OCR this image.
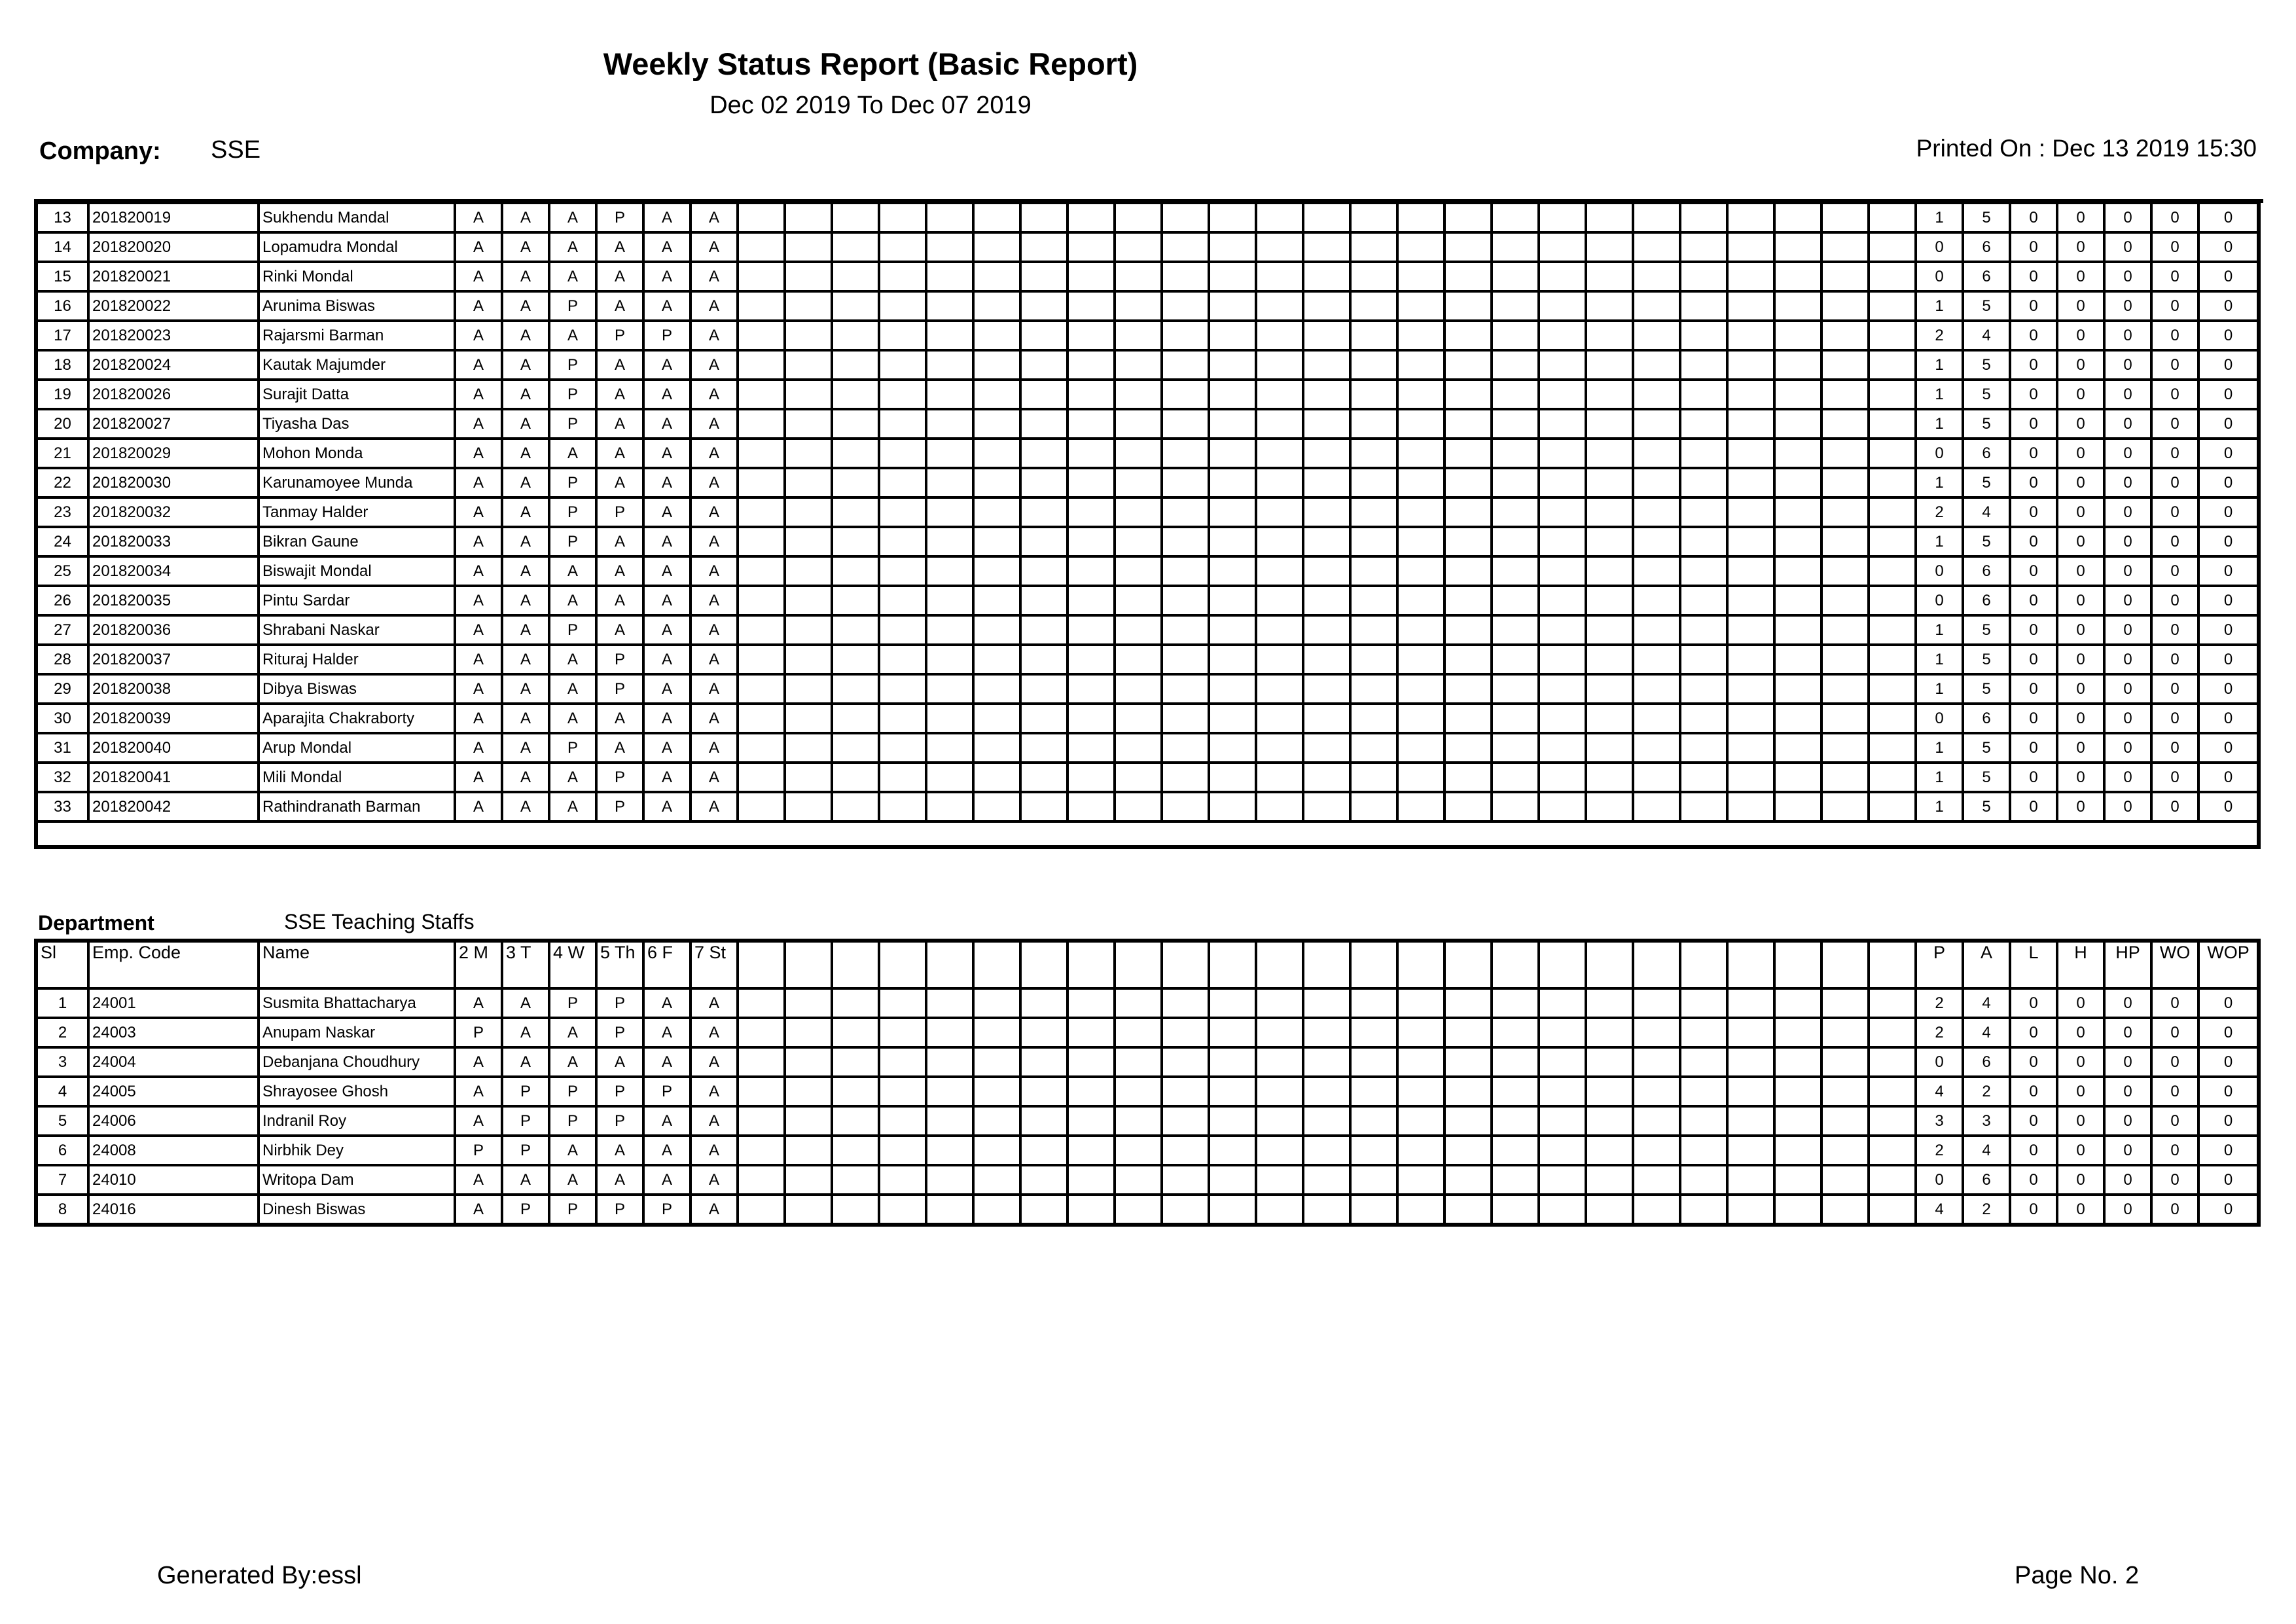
Weekly Status Report (Basic Report)
Dec 02 2019 To Dec 07 2019
Company: SSE	Printed On : Dec 13 2019 15:30
13	201820019	Sukhendu Mandal	A	A	A	P	A	A																										1	5	0	0	0	0	0
14	201820020	Lopamudra Mondal	A	A	A	A	A	A																										0	6	0	0	0	0	0
15	201820021	Rinki Mondal	A	A	A	A	A	A																										0	6	0	0	0	0	0
16	201820022	Arunima Biswas	A	A	P	A	A	A																										1	5	0	0	0	0	0
17	201820023	Rajarsmi Barman	A	A	A	P	P	A																										2	4	0	0	0	0	0
18	201820024	Kautak Majumder	A	A	P	A	A	A																										1	5	0	0	0	0	0
19	201820026	Surajit Datta	A	A	P	A	A	A																										1	5	0	0	0	0	0
20	201820027	Tiyasha Das	A	A	P	A	A	A																										1	5	0	0	0	0	0
21	201820029	Mohon Monda	A	A	A	A	A	A																										0	6	0	0	0	0	0
22	201820030	Karunamoyee Munda	A	A	P	A	A	A																										1	5	0	0	0	0	0
23	201820032	Tanmay Halder	A	A	P	P	A	A																										2	4	0	0	0	0	0
24	201820033	Bikran Gaune	A	A	P	A	A	A																										1	5	0	0	0	0	0
25	201820034	Biswajit Mondal	A	A	A	A	A	A																										0	6	0	0	0	0	0
26	201820035	Pintu Sardar	A	A	A	A	A	A																										0	6	0	0	0	0	0
27	201820036	Shrabani Naskar	A	A	P	A	A	A																										1	5	0	0	0	0	0
28	201820037	Rituraj Halder	A	A	A	P	A	A																										1	5	0	0	0	0	0
29	201820038	Dibya Biswas	A	A	A	P	A	A																										1	5	0	0	0	0	0
30	201820039	Aparajita Chakraborty	A	A	A	A	A	A																										0	6	0	0	0	0	0
31	201820040	Arup Mondal	A	A	P	A	A	A																										1	5	0	0	0	0	0
32	201820041	Mili Mondal	A	A	A	P	A	A																										1	5	0	0	0	0	0
33	201820042	Rathindranath Barman	A	A	A	P	A	A																										1	5	0	0	0	0	0

Department	SSE Teaching Staffs
Sl	Emp. Code	Name	2 M	3 T	4 W	5 Th	6 F	7 St																										P	A	L	H	HP	WO	WOP
1	24001	Susmita Bhattacharya	A	A	P	P	A	A																										2	4	0	0	0	0	0
2	24003	Anupam Naskar	P	A	A	P	A	A																										2	4	0	0	0	0	0
3	24004	Debanjana Choudhury	A	A	A	A	A	A																										0	6	0	0	0	0	0
4	24005	Shrayosee Ghosh	A	P	P	P	P	A																										4	2	0	0	0	0	0
5	24006	Indranil Roy	A	P	P	P	A	A																										3	3	0	0	0	0	0
6	24008	Nirbhik Dey	P	P	A	A	A	A																										2	4	0	0	0	0	0
7	24010	Writopa Dam	A	A	A	A	A	A																										0	6	0	0	0	0	0
8	24016	Dinesh Biswas	A	P	P	P	P	A																										4	2	0	0	0	0	0
Generated By:essl	Page No. 2
